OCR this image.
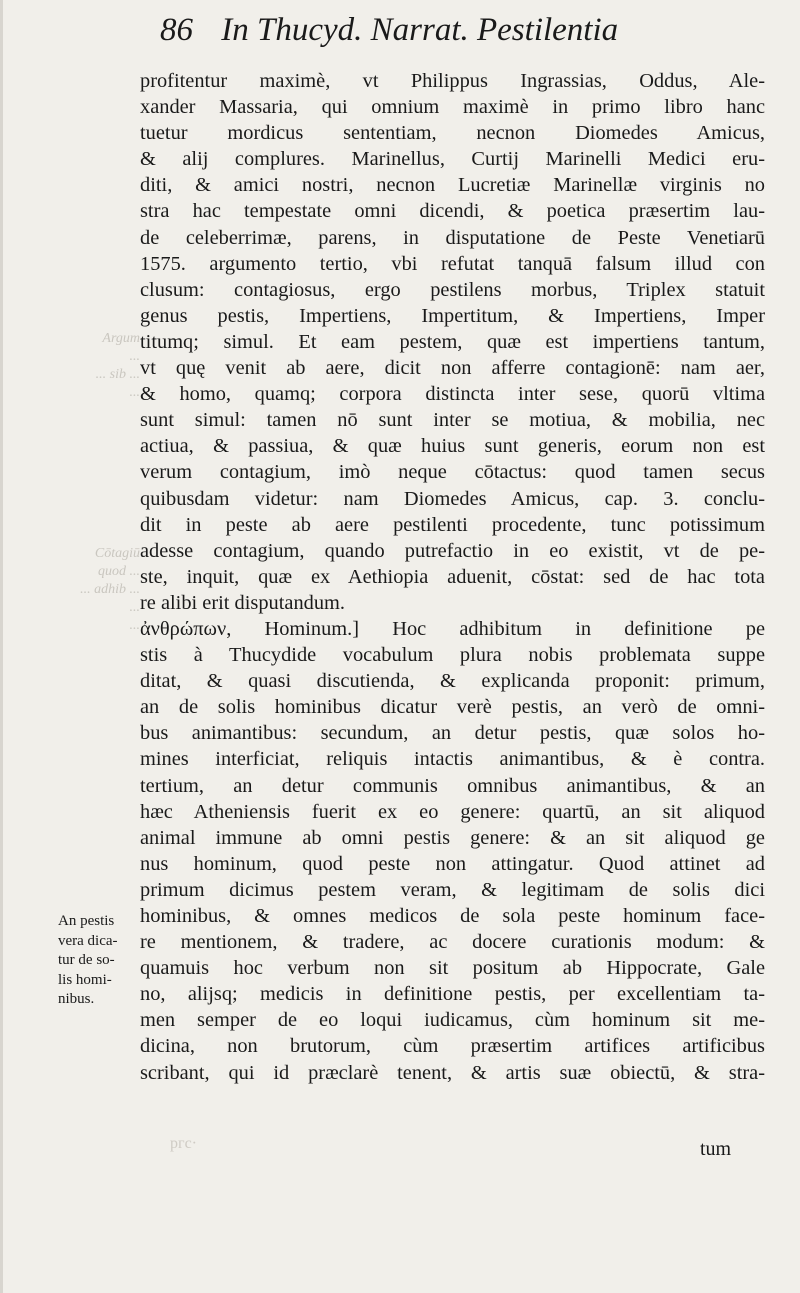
86 In Thucyd. Narrat. Pestilentia
Argum
...
... sib ...
...
Cōtagiū
quod ...
... adhib ...
...
...
profitentur maximè, vt Philippus Ingrassias, Oddus, Ale-
xander Massaria, qui omnium maximè in primo libro hanc
tuetur mordicus sententiam, necnon Diomedes Amicus,
& alij complures. Marinellus, Curtij Marinelli Medici eru-
diti, & amici nostri, necnon Lucretiæ Marinellæ virginis no
stra hac tempestate omni dicendi, & poetica præsertim lau-
de celeberrimæ, parens, in disputatione de Peste Venetiarū
1575. argumento tertio, vbi refutat tanquā falsum illud con
clusum: contagiosus, ergo pestilens morbus, Triplex statuit
genus pestis, Impertiens, Impertitum, & Impertiens, Imper
titumq; simul. Et eam pestem, quæ est impertiens tantum,
vt quę venit ab aere, dicit non afferre contagionē: nam aer,
& homo, quamq; corpora distincta inter sese, quorū vltima
sunt simul: tamen nō sunt inter se motiua, & mobilia, nec
actiua, & passiua, & quæ huius sunt generis, eorum non est
verum contagium, imò neque cōtactus: quod tamen secus
quibusdam videtur: nam Diomedes Amicus, cap. 3. conclu-
dit in peste ab aere pestilenti procedente, tunc potissimum
adesse contagium, quando putrefactio in eo existit, vt de pe-
ste, inquit, quæ ex Aethiopia aduenit, cōstat: sed de hac tota
re alibi erit disputandum.
ἀνθρώπων, Hominum.] Hoc adhibitum in definitione pe
stis à Thucydide vocabulum plura nobis problemata suppe
ditat, & quasi discutienda, & explicanda proponit: primum,
an de solis hominibus dicatur verè pestis, an verò de omni-
bus animantibus: secundum, an detur pestis, quæ solos ho-
mines interficiat, reliquis intactis animantibus, & è contra.
tertium, an detur communis omnibus animantibus, & an
hæc Atheniensis fuerit ex eo genere: quartū, an sit aliquod
animal immune ab omni pestis genere: & an sit aliquod ge
nus hominum, quod peste non attingatur. Quod attinet ad
primum dicimus pestem veram, & legitimam de solis dici
hominibus, & omnes medicos de sola peste hominum face-
re mentionem, & tradere, ac docere curationis modum: &
quamuis hoc verbum non sit positum ab Hippocrate, Gale
no, alijsq; medicis in definitione pestis, per excellentiam ta-
men semper de eo loqui iudicamus, cùm hominum sit me-
dicina, non brutorum, cùm præsertim artifices artificibus
scribant, qui id præclarè tenent, & artis suæ obiectū, & stra-
An pestis
vera dica-
tur de so-
lis homi-
nibus.
ргc·	tum
